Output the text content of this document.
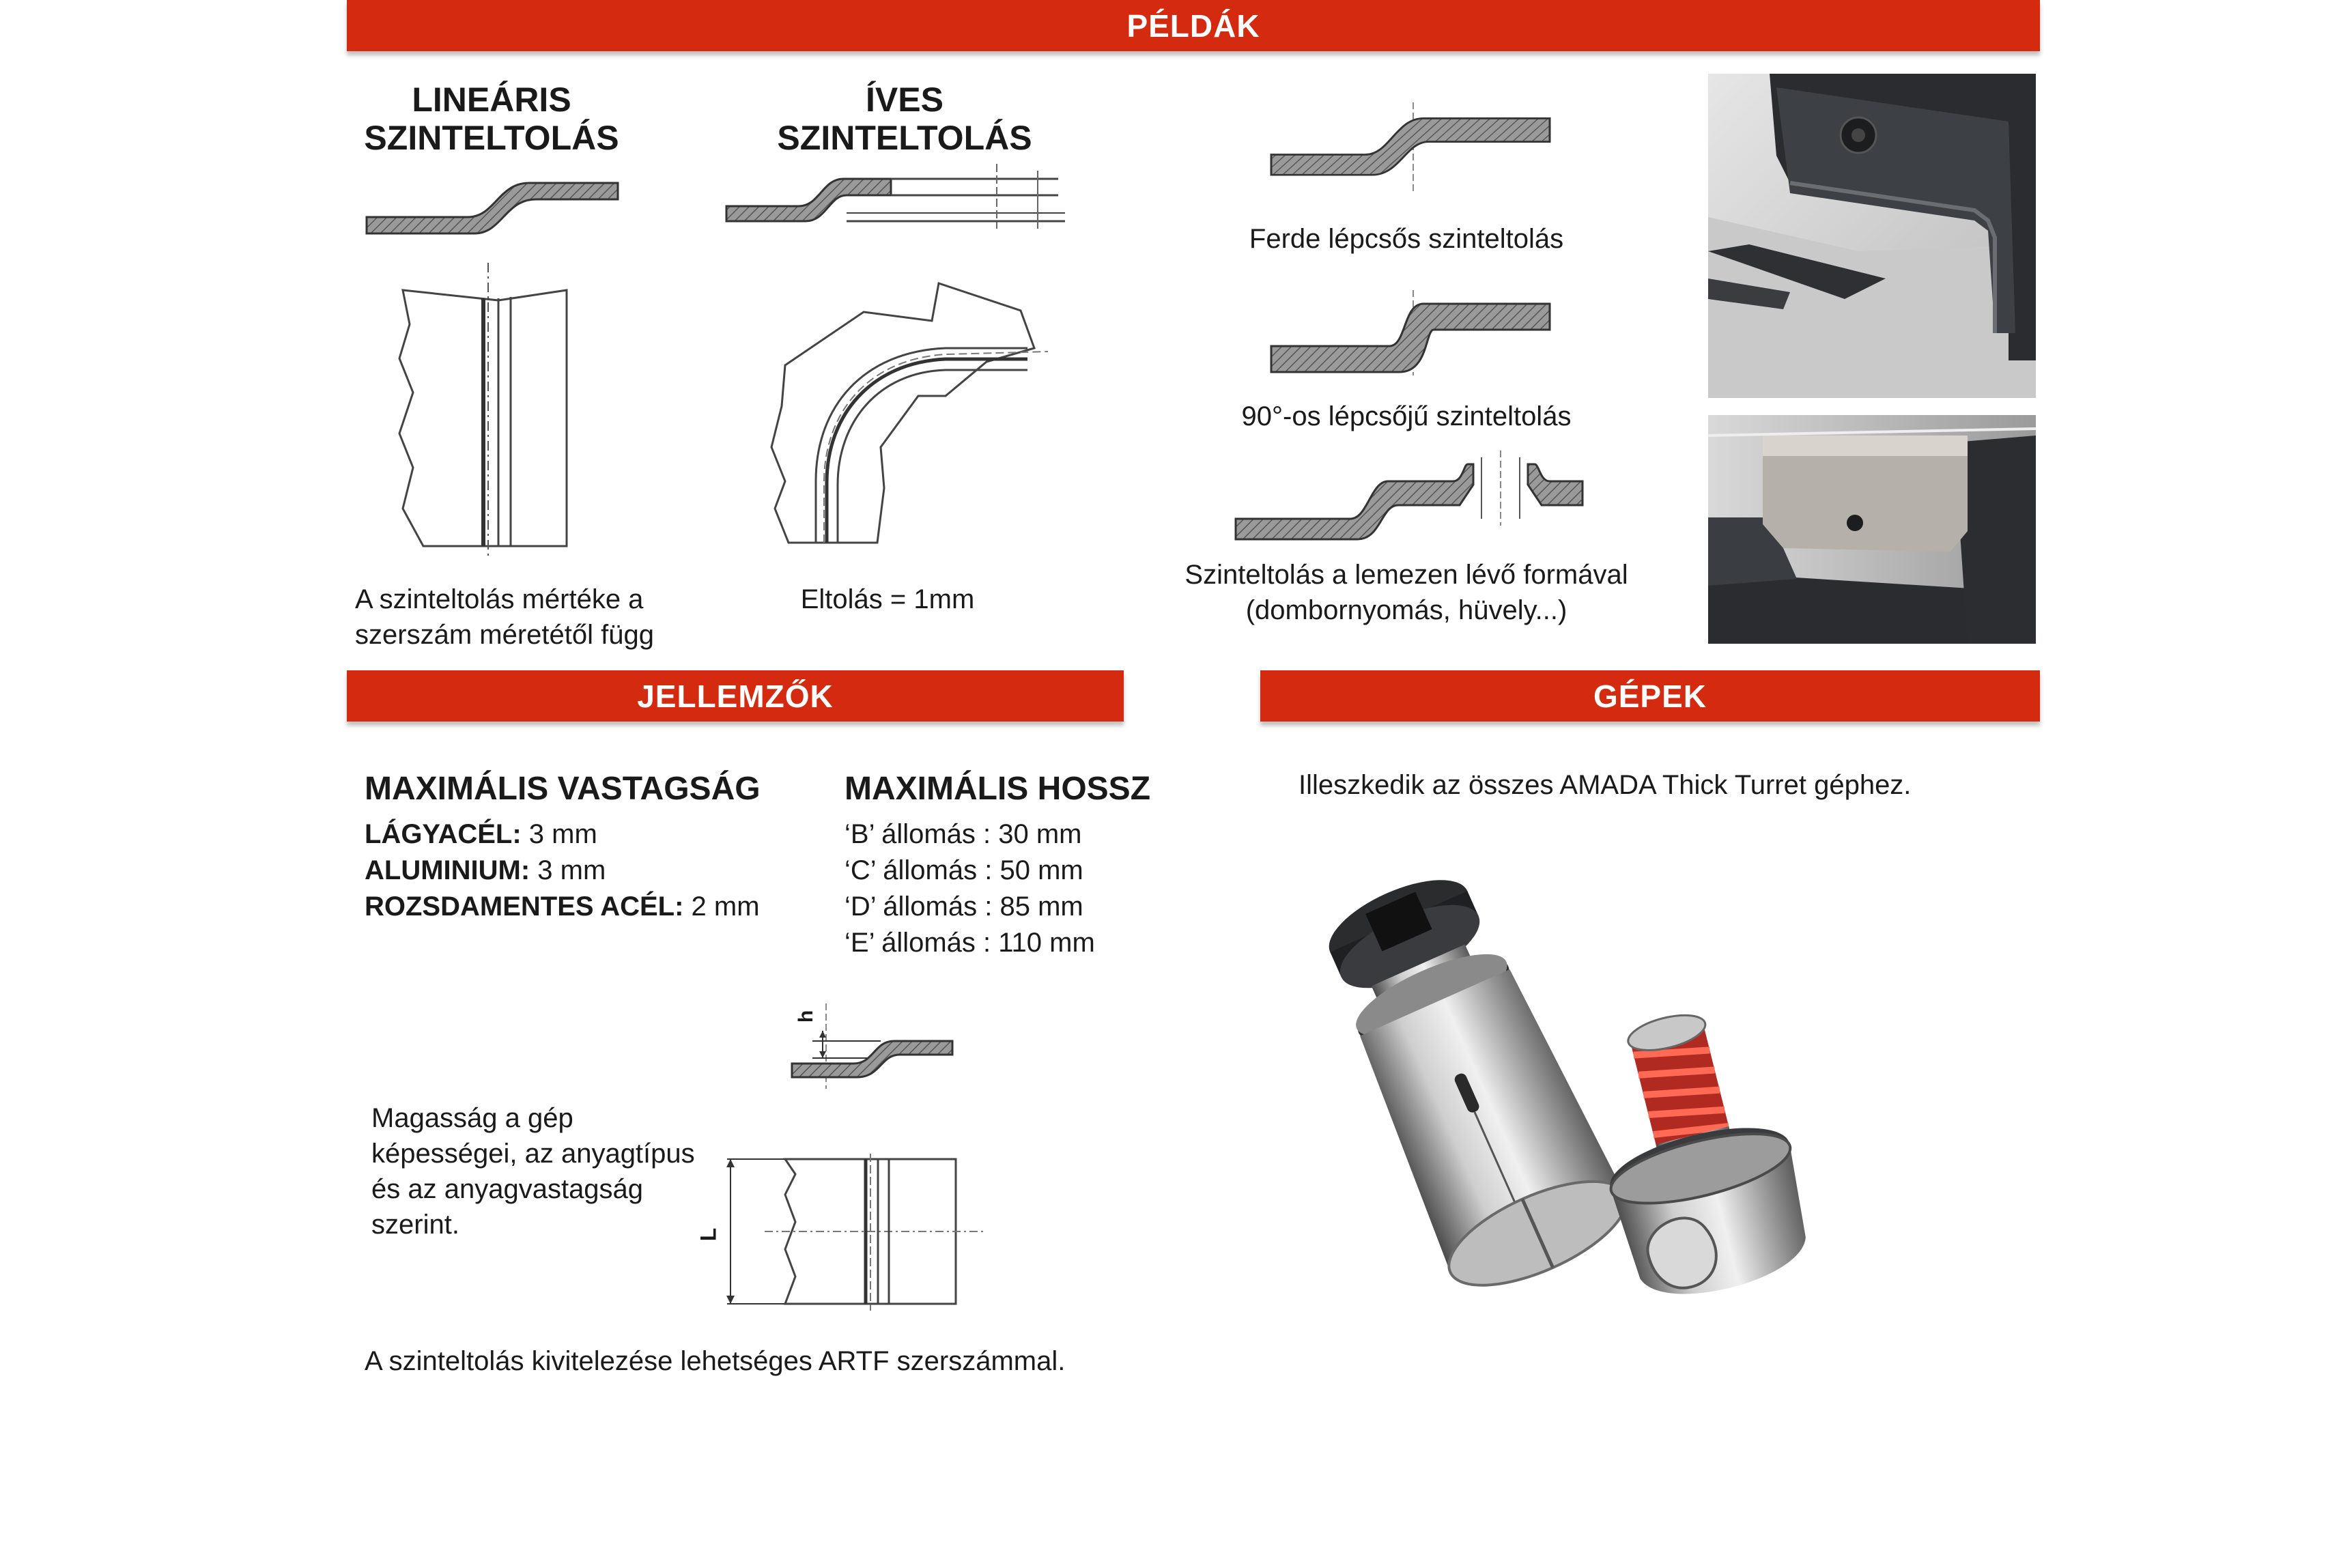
PÉLDÁK
JELLEMZŐK	GÉPEK
LINEÁRIS
SZINTELTOLÁS
A szinteltolás mértéke a
szerszám méretétől függ
ÍVES
SZINTELTOLÁS
Eltolás = 1mm
Ferde lépcsős szinteltolás
90°-os lépcsőjű szinteltolás
Szinteltolás a lemezen lévő formával
(dombornyomás, hüvely...)
MAXIMÁLIS VASTAGSÁG
LÁGYACÉL: 3 mm
ALUMINIUM: 3 mm
ROZSDAMENTES ACÉL: 2 mm
MAXIMÁLIS HOSSZ
‘B’ állomás : 30 mm
‘C’ állomás : 50 mm
‘D’ állomás : 85 mm
‘E’ állomás : 110 mm
h
L
Magasság a gép
képességei, az anyagtípus
és az anyagvastagság
szerint.
A szinteltolás kivitelezése lehetséges ARTF szerszámmal.
Illeszkedik az összes AMADA Thick Turret géphez.
